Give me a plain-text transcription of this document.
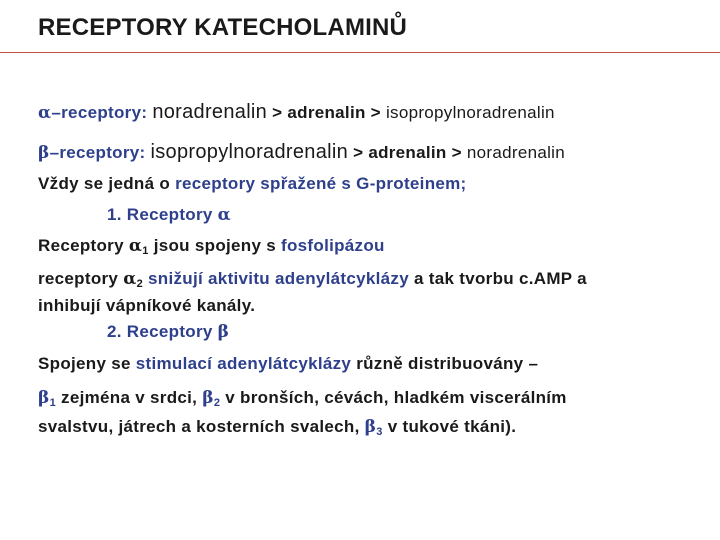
RECEPTORY KATECHOLAMINŮ
α–receptory: noradrenalin > adrenalin > isopropylnoradrenalin
β–receptory: isopropylnoradrenalin > adrenalin > noradrenalin
Vždy se jedná o receptory spřažené s G-proteinem;
1. Receptory α
Receptory $\alpha_1$ jsou spojeny s fosfolipázou
receptory $\alpha_2$ snižují aktivitu adenylátcyklázy a tak tvorbu c.AMP a
inhibují vápníkové kanály.
2. Receptory β
Spojeny se stimulací adenylátcyklázy různě distribuovány –
$\beta_1$ zejména v srdci, $\beta_2$ v bronších, cévách, hladkém viscerálním
svalstvu, játrech a kosterních svalech, $\beta_3$ v tukové tkáni).
